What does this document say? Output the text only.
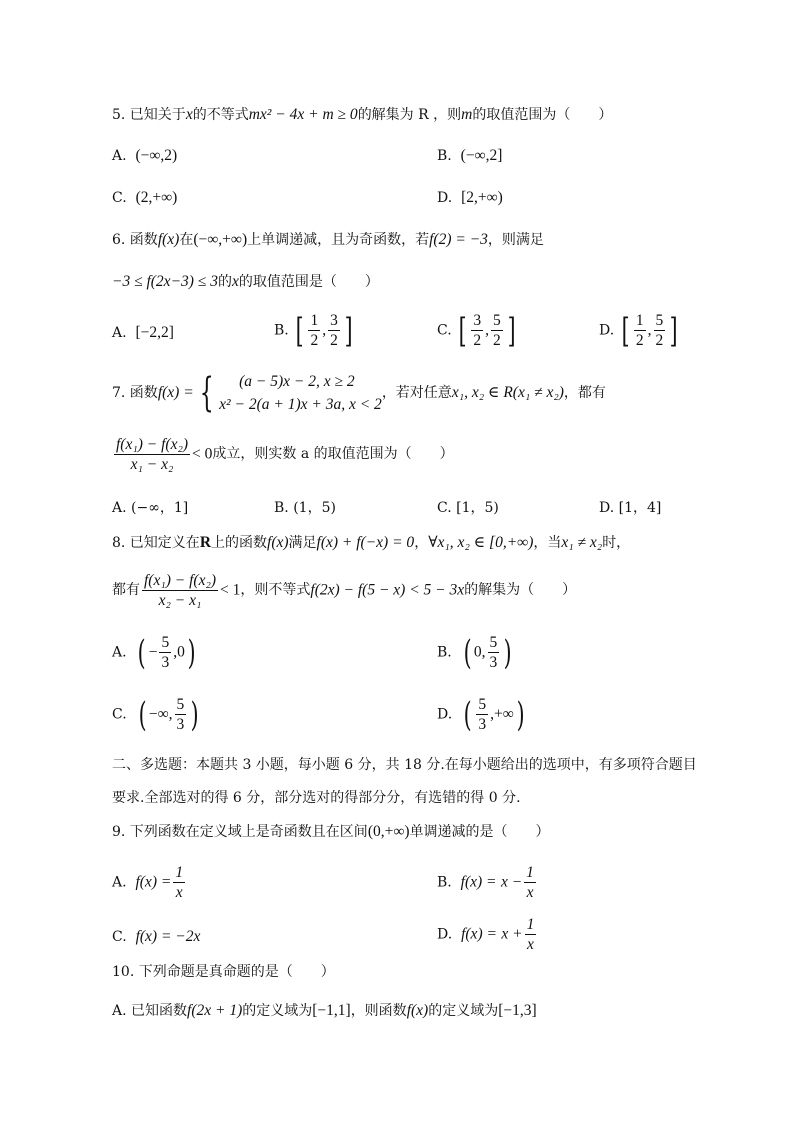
5. 已知关于x的不等式mx² − 4x + m ≥ 0的解集为 R ，则m的取值范围为（　　）
A. (−∞,2)	B. (−∞,2]
C. (2,+∞)	D. [2,+∞)
6. 函数f(x)在(−∞,+∞)上单调递减，且为奇函数，若f(2) = −3，则满足
−3 ≤ f(2x−3) ≤ 3的x的取值范围是（　　）
A. [−2,2]	B. [ $\frac{1}{2}$ , $\frac{3}{2}$ ]	C. [ $\frac{3}{2}$ , $\frac{5}{2}$ ]	D. [ $\frac{1}{2}$ , $\frac{5}{2}$ ]
7. 函数f(x) = {	(a − 5)x − 2, x ≥ 2
x² − 2(a + 1)x + 3a, x < 2
，若对任意x₁, x₂ ∈ R(x₁ ≠ x₂)，都有
$\frac{\text{f(x₁) − f(x₂)}}{\text{x₁ − x₂}} < 0$成立，则实数 a 的取值范围为（　　）
A. (−∞，1]	B. (1，5)	C. [1，5)	D. [1，4]
8. 已知定义在R上的函数f(x)满足f(x) + f(−x) = 0，∀x₁, x₂ ∈ [0,+∞)，当x₁ ≠ x₂时，
都有 $\frac{\text{f(x₁) − f(x₂)}}{\text{x₂ − x₁}} < 1$，则不等式f(2x) − f(5 − x) < 5 − 3x的解集为（　　）
A. ( − $\frac{5}{3} ,0$)	B. ( 0, $\frac{5}{3}$ )
C. ( −∞, $\frac{5}{3}$ )	D. ( $\frac{5}{3}$ ,+∞)
二、多选题：本题共 3 小题，每小题 6 分，共 18 分.在每小题给出的选项中，有多项符合题目
要求.全部选对的得 6 分，部分选对的得部分分，有选错的得 0 分.
9. 下列函数在定义域上是奇函数且在区间(0,+∞)单调递减的是（　　）
A. $f(x) = \frac{1}{x}$	B. $f(x) = x - \frac{1}{x}$
C. f(x) = −2x	D. $f(x) = x + \frac{1}{x}$
10. 下列命题是真命题的是（　　）
A. 已知函数f(2x + 1)的定义域为[−1,1]，则函数f(x)的定义域为[−1,3]
